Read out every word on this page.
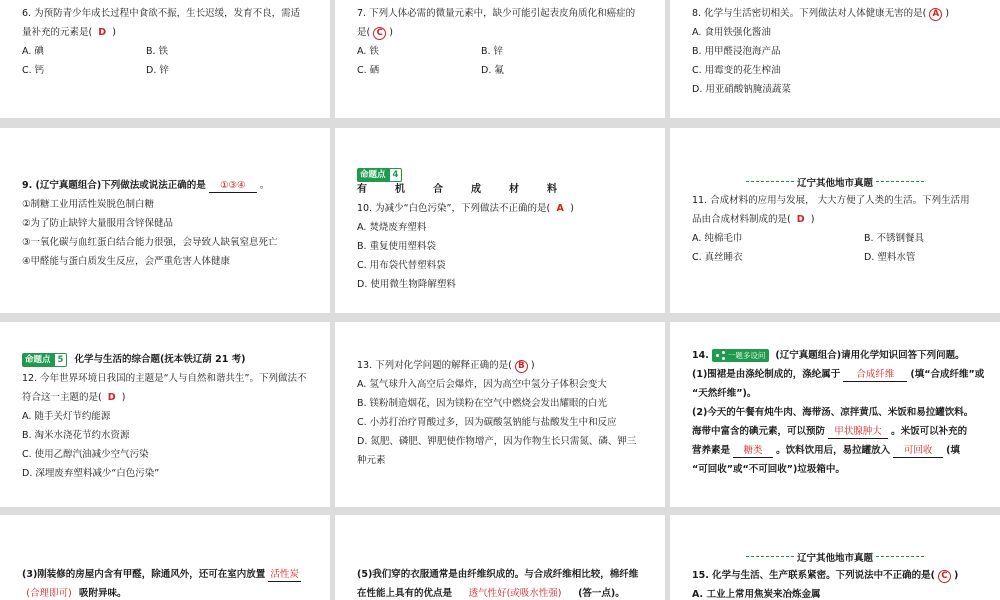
6. 为预防青少年成长过程中食欲不振，生长迟缓，发育不良，需适
量补充的元素是( D )
A. 碘	B. 铁
C. 钙	D. 锌
7. 下列人体必需的微量元素中，缺少可能引起表皮角质化和癌症的
是( C )
A. 铁	B. 锌
C. 硒	D. 氟
8. 化学与生活密切相关。下列做法对人体健康无害的是( A )
A. 食用铁强化酱油
B. 用甲醛浸泡海产品
C. 用霉变的花生榨油
D. 用亚硝酸钠腌渍蔬菜
9. (辽宁真题组合)下列做法或说法正确的是 ①③④ 。
①制糖工业用活性炭脱色制白糖
②为了防止缺锌大量服用含锌保健品
③一氧化碳与血红蛋白结合能力很强，会导致人缺氧窒息死亡
④甲醛能与蛋白质发生反应，会严重危害人体健康
命题点 4
有	机	合	成	材	料
10. 为减少“白色污染”，下列做法不正确的是( A )
A. 焚烧废弃塑料
B. 重复使用塑料袋
C. 用布袋代替塑料袋
D. 使用微生物降解塑料
辽宁其他地市真题
11. 合成材料的应用与发展， 大大方便了人类的生活。下列生活用
品由合成材料制成的是( D )
A. 纯棉毛巾	B. 不锈钢餐具
C. 真丝睡衣	D. 塑料水管
命题点 5	化学与生活的综合题(抚本铁辽葫 21 考)
12. 今年世界环境日我国的主题是“人与自然和谐共生”。下列做法不
符合这一主题的是( D )
A. 随手关灯节约能源
B. 淘米水浇花节约水资源
C. 使用乙醇汽油减少空气污染
D. 深埋废弃塑料减少“白色污染”
13. 下列对化学问题的解释正确的是( B )
A. 氢气球升入高空后会爆炸，因为高空中氢分子体积会变大
B. 镁粉制造烟花，因为镁粉在空气中燃烧会发出耀眼的白光
C. 小苏打治疗胃酸过多，因为碳酸氢钠能与盐酸发生中和反应
D. 氮肥、磷肥、钾肥使作物增产，因为作物生长只需氮、磷、钾三
种元素
14.	一题多设问 (辽宁真题组合)请用化学知识回答下列问题。
(1)围裙是由涤纶制成的，涤纶属于 合成纤维 (填“合成纤维”或
“天然纤维”)。
(2)今天的午餐有炖牛肉、海带汤、凉拌黄瓜、米饭和易拉罐饮料。
海带中富含的碘元素，可以预防 甲状腺肿大 。米饭可以补充的
营养素是 糖类 。饮料饮用后，易拉罐放入 可回收 (填
“可回收”或“不可回收”)垃圾箱中。
(3)刚装修的房屋内含有甲醛，除通风外，还可在室内放置 活性炭
(合理即可) 吸附异味。
(5)我们穿的衣服通常是由纤维织成的。与合成纤维相比较，棉纤维
在性能上具有的优点是 透气性好(或吸水性强) (答一点)。
辽宁其他地市真题
15. 化学与生活、生产联系紧密。下列说法中不正确的是( C )
A. 工业上常用焦炭来冶炼金属
